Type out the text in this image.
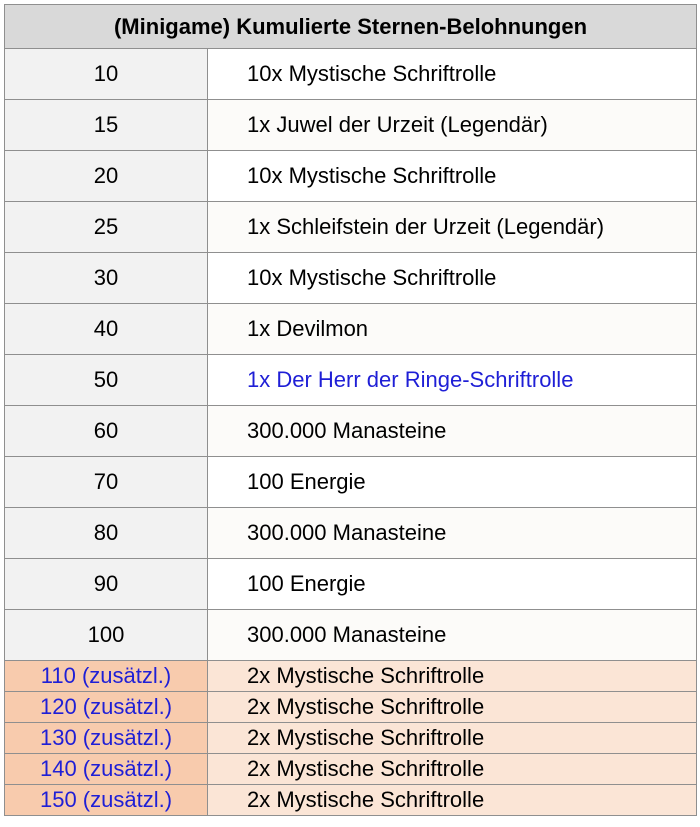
(Minigame) Kumulierte Sternen-Belohnungen	
10	10x Mystische Schriftrolle
15	1x Juwel der Urzeit (Legendär)
20	10x Mystische Schriftrolle
25	1x Schleifstein der Urzeit (Legendär)
30	10x Mystische Schriftrolle
40	1x Devilmon
50	1x Der Herr der Ringe-Schriftrolle
60	300.000 Manasteine
70	100 Energie
80	300.000 Manasteine
90	100 Energie
100	300.000 Manasteine
110 (zusätzl.)	2x Mystische Schriftrolle
120 (zusätzl.)	2x Mystische Schriftrolle
130 (zusätzl.)	2x Mystische Schriftrolle
140 (zusätzl.)	2x Mystische Schriftrolle
150 (zusätzl.)	2x Mystische Schriftrolle
